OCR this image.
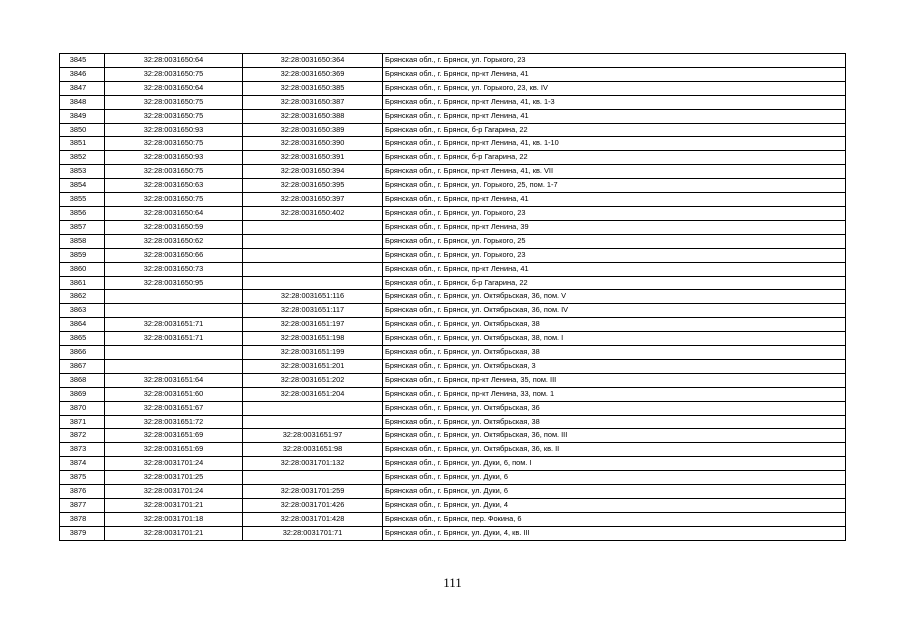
3845	32:28:0031650:64	32:28:0031650:364	Брянская обл., г. Брянск, ул. Горького, 23
3846	32:28:0031650:75	32:28:0031650:369	Брянская обл., г. Брянск, пр-кт Ленина, 41
3847	32:28:0031650:64	32:28:0031650:385	Брянская обл., г. Брянск, ул. Горького, 23, кв. IV
3848	32:28:0031650:75	32:28:0031650:387	Брянская обл., г. Брянск, пр-кт Ленина, 41, кв. 1-3
3849	32:28:0031650:75	32:28:0031650:388	Брянская обл., г. Брянск, пр-кт Ленина, 41
3850	32:28:0031650:93	32:28:0031650:389	Брянская обл., г. Брянск, б-р Гагарина, 22
3851	32:28:0031650:75	32:28:0031650:390	Брянская обл., г. Брянск, пр-кт Ленина, 41, кв. 1-10
3852	32:28:0031650:93	32:28:0031650:391	Брянская обл., г. Брянск, б-р Гагарина, 22
3853	32:28:0031650:75	32:28:0031650:394	Брянская обл., г. Брянск, пр-кт Ленина, 41, кв. VII
3854	32:28:0031650:63	32:28:0031650:395	Брянская обл., г. Брянск, ул. Горького, 25, пом. 1-7
3855	32:28:0031650:75	32:28:0031650:397	Брянская обл., г. Брянск, пр-кт Ленина, 41
3856	32:28:0031650:64	32:28:0031650:402	Брянская обл., г. Брянск, ул. Горького, 23
3857	32:28:0031650:59		Брянская обл., г. Брянск, пр-кт Ленина, 39
3858	32:28:0031650:62		Брянская обл., г. Брянск, ул. Горького, 25
3859	32:28:0031650:66		Брянская обл., г. Брянск, ул. Горького, 23
3860	32:28:0031650:73		Брянская обл., г. Брянск, пр-кт Ленина, 41
3861	32:28:0031650:95		Брянская обл., г. Брянск, б-р Гагарина, 22
3862		32:28:0031651:116	Брянская обл., г. Брянск, ул. Октябрьская, 36, пом. V
3863		32:28:0031651:117	Брянская обл., г. Брянск, ул. Октябрьская, 36, пом. IV
3864	32:28:0031651:71	32:28:0031651:197	Брянская обл., г. Брянск, ул. Октябрьская, 38
3865	32:28:0031651:71	32:28:0031651:198	Брянская обл., г. Брянск, ул. Октябрьская, 38, пом. I
3866		32:28:0031651:199	Брянская обл., г. Брянск, ул. Октябрьская, 38
3867		32:28:0031651:201	Брянская обл., г. Брянск, ул. Октябрьская, 3
3868	32:28:0031651:64	32:28:0031651:202	Брянская обл., г. Брянск, пр-кт Ленина, 35, пом. III
3869	32:28:0031651:60	32:28:0031651:204	Брянская обл., г. Брянск, пр-кт Ленина, 33, пом. 1
3870	32:28:0031651:67		Брянская обл., г. Брянск, ул. Октябрьская, 36
3871	32:28:0031651:72		Брянская обл., г. Брянск, ул. Октябрьская, 38
3872	32:28:0031651:69	32:28:0031651:97	Брянская обл., г. Брянск, ул. Октябрьская, 36, пом. III
3873	32:28:0031651:69	32:28:0031651:98	Брянская обл., г. Брянск, ул. Октябрьская, 36, кв. II
3874	32:28:0031701:24	32:28:0031701:132	Брянская обл., г. Брянск, ул. Дуки, 6, пом. I
3875	32:28:0031701:25		Брянская обл., г. Брянск, ул. Дуки, 6
3876	32:28:0031701:24	32:28:0031701:259	Брянская обл., г. Брянск, ул. Дуки, 6
3877	32:28:0031701:21	32:28:0031701:426	Брянская обл., г. Брянск, ул. Дуки, 4
3878	32:28:0031701:18	32:28:0031701:428	Брянская обл., г. Брянск, пер. Фокина, 6
3879	32:28:0031701:21	32:28:0031701:71	Брянская обл., г. Брянск, ул. Дуки, 4, кв. III
111
